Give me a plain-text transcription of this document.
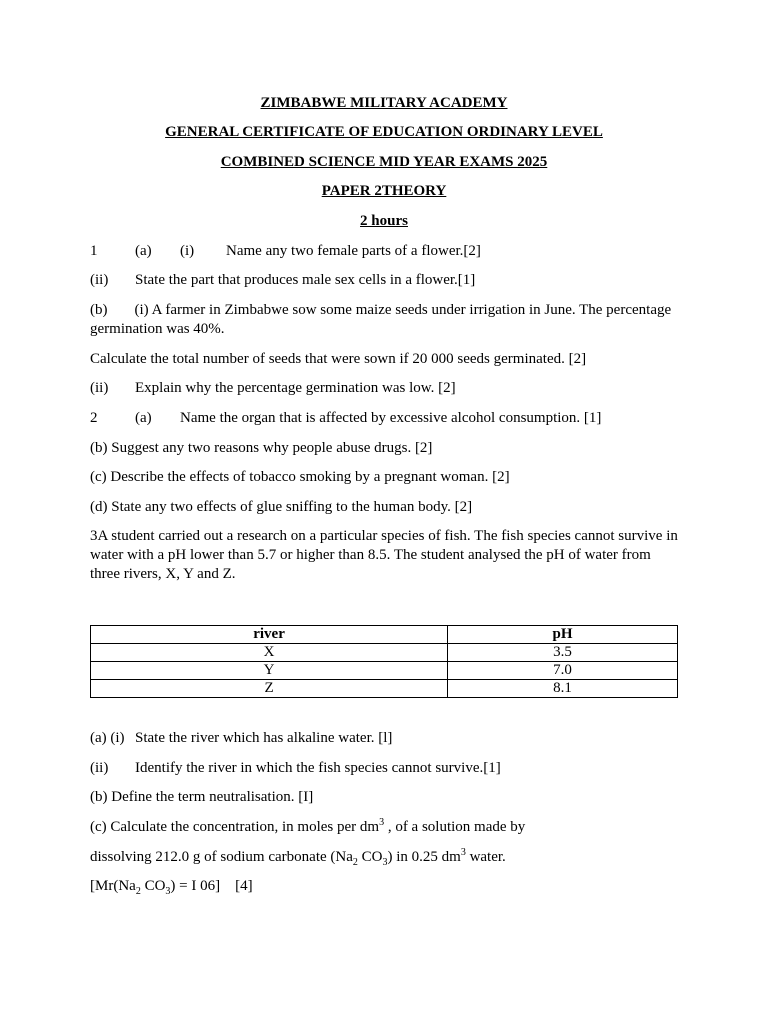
ZIMBABWE MILITARY ACADEMY
GENERAL CERTIFICATE OF EDUCATION ORDINARY LEVEL
COMBINED SCIENCE MID YEAR EXAMS 2025
PAPER 2THEORY
2 hours
1	(a) (i) Name any two female parts of a flower.[2]
(ii) State the part that produces male sex cells in a flower.[1]
(b) (i) A farmer in Zimbabwe sow some maize seeds under irrigation in June. The percentage germination was 40%.
Calculate the total number of seeds that were sown if 20 000 seeds germinated. [2]
(ii) Explain why the percentage germination was low. [2]
2	(a) Name the organ that is affected by excessive alcohol consumption. [1]
(b) Suggest any two reasons why people abuse drugs. [2]
(c) Describe the effects of tobacco smoking by a pregnant woman. [2]
(d) State any two effects of glue sniffing to the human body. [2]
3A student carried out a research on a particular species of fish. The fish species cannot survive in water with a pH lower than 5.7 or higher than 8.5. The student analysed the pH of water from three rivers, X, Y and Z.
river	pH
X	3.5
Y	7.0
Z	8.1
(a) (i) State the river which has alkaline water. [l]
(ii) Identify the river in which the fish species cannot survive.[1]
(b) Define the term neutralisation. [I]
(c) Calculate the concentration, in moles per $dm^3$ , of a solution made by
dissolving 212.0 g of sodium carbonate ($Na_2$ $CO_3$) in 0.25 $dm^3$ water.
[$Mr(Na_2$ $CO_3) = I$ 06] [4]
